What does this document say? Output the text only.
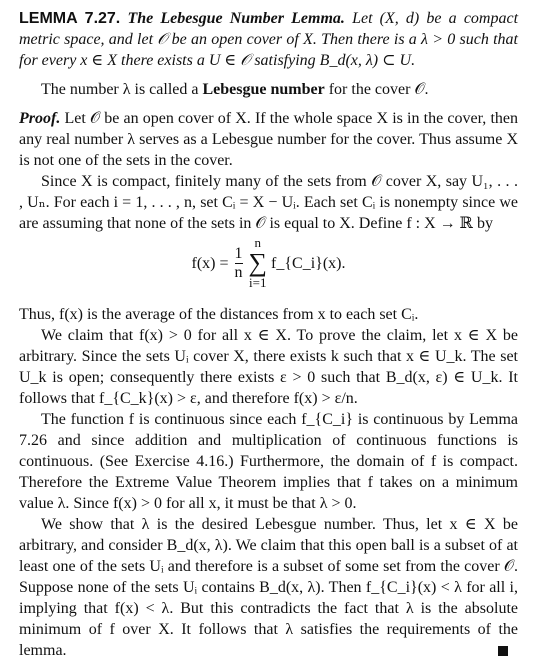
LEMMA 7.27. The Lebesgue Number Lemma. Let (X, d) be a compact metric space, and let 𝒪 be an open cover of X. Then there is a λ > 0 such that for every x ∈ X there exists a U ∈ 𝒪 satisfying B_d(x, λ) ⊂ U.

The number λ is called a Lebesgue number for the cover 𝒪.

Proof. Let 𝒪 be an open cover of X. If the whole space X is in the cover, then any real number λ serves as a Lebesgue number for the cover. Thus assume X is not one of the sets in the cover.

Since X is compact, finitely many of the sets from 𝒪 cover X, say U₁, . . . , Uₙ. For each i = 1, . . . , n, set Cᵢ = X − Uᵢ. Each set Cᵢ is nonempty since we are assuming that none of the sets in 𝒪 is equal to X. Define f : X → ℝ by

$f(x) = \frac{1}{n}$

n
∑
i=1
f_{C_i}(x).

Thus, f(x) is the average of the distances from x to each set Cᵢ.

We claim that f(x) > 0 for all x ∈ X. To prove the claim, let x ∈ X be arbitrary. Since the sets Uᵢ cover X, there exists k such that x ∈ U_k. The set U_k is open; consequently there exists ε > 0 such that B_d(x, ε) ∈ U_k. It follows that f_{C_k}(x) > ε, and therefore f(x) > ε/n.

The function f is continuous since each f_{C_i} is continuous by Lemma 7.26 and since addition and multiplication of continuous functions is continuous. (See Exercise 4.16.) Furthermore, the domain of f is compact. Therefore the Extreme Value Theorem implies that f takes on a minimum value λ. Since f(x) > 0 for all x, it must be that λ > 0.

We show that λ is the desired Lebesgue number. Thus, let x ∈ X be arbitrary, and consider B_d(x, λ). We claim that this open ball is a subset of at least one of the sets Uᵢ and therefore is a subset of some set from the cover 𝒪. Suppose none of the sets Uᵢ contains B_d(x, λ). Then f_{C_i}(x) < λ for all i, implying that f(x) < λ. But this contradicts the fact that λ is the absolute minimum of f over X. It follows that λ satisfies the requirements of the lemma.
